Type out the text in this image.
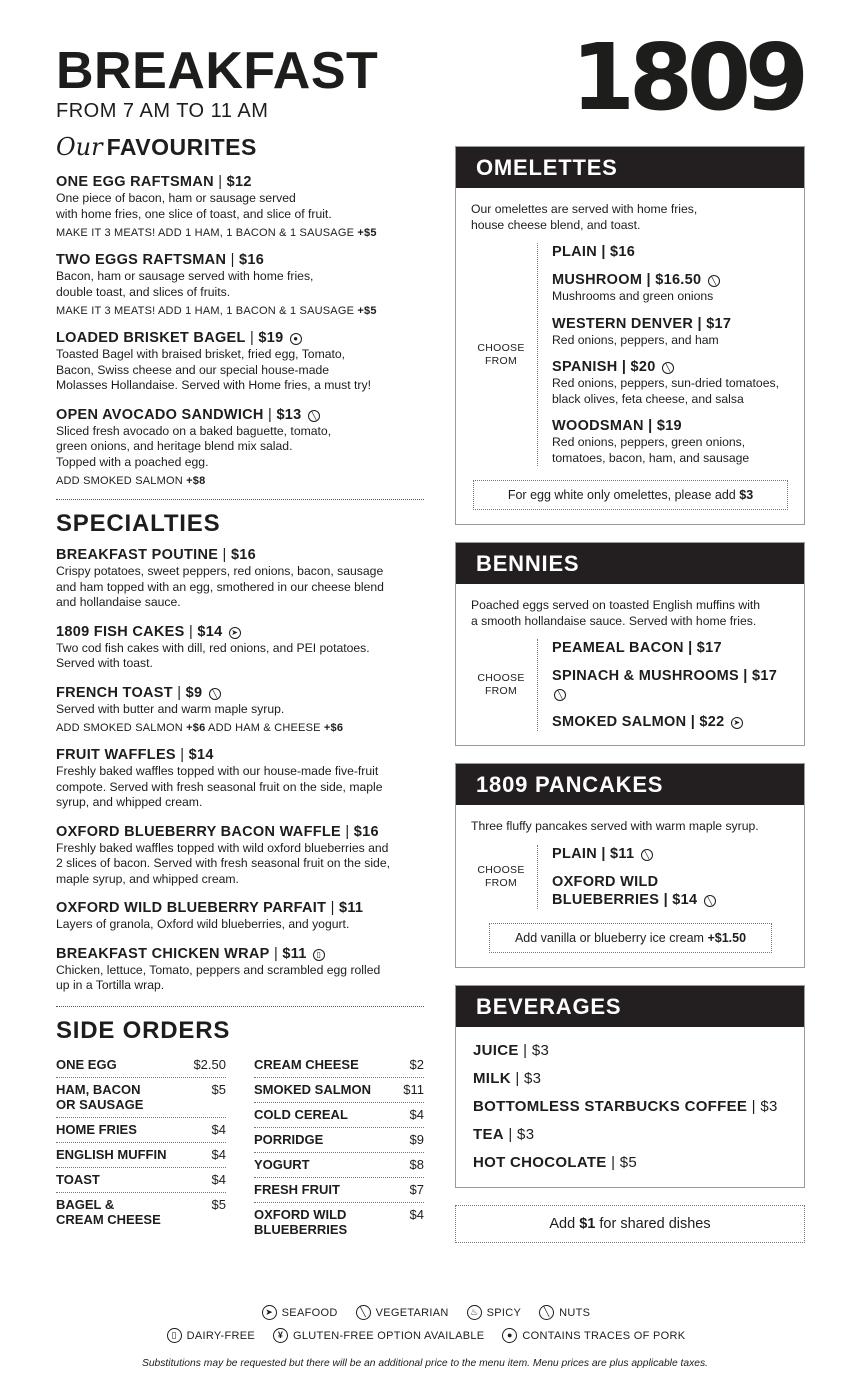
BREAKFAST
FROM 7 AM TO 11 AM
Our FAVOURITES
ONE EGG RAFTSMAN | $12
One piece of bacon, ham or sausage served
with home fries, one slice of toast, and slice of fruit.
MAKE IT 3 MEATS! ADD 1 HAM, 1 BACON & 1 SAUSAGE +$5
TWO EGGS RAFTSMAN | $16
Bacon, ham or sausage served with home fries,
double toast, and slices of fruits.
MAKE IT 3 MEATS! ADD 1 HAM, 1 BACON & 1 SAUSAGE +$5
LOADED BRISKET BAGEL | $19 ●
Toasted Bagel with braised brisket, fried egg, Tomato,
Bacon, Swiss cheese and our special house-made
Molasses Hollandaise. Served with Home fries, a must try!
OPEN AVOCADO SANDWICH | $13 ╲
Sliced fresh avocado on a baked baguette, tomato,
green onions, and heritage blend mix salad.
Topped with a poached egg.
ADD SMOKED SALMON +$8
SPECIALTIES
BREAKFAST POUTINE | $16
Crispy potatoes, sweet peppers, red onions, bacon, sausage
and ham topped with an egg, smothered in our cheese blend
and hollandaise sauce.
1809 FISH CAKES | $14 ➤
Two cod fish cakes with dill, red onions, and PEI potatoes.
Served with toast.
FRENCH TOAST | $9 ╲
Served with butter and warm maple syrup.
ADD SMOKED SALMON +$6 ADD HAM & CHEESE +$6
FRUIT WAFFLES | $14
Freshly baked waffles topped with our house-made five-fruit
compote. Served with fresh seasonal fruit on the side, maple
syrup, and whipped cream.
OXFORD BLUEBERRY BACON WAFFLE | $16
Freshly baked waffles topped with wild oxford blueberries and
2 slices of bacon. Served with fresh seasonal fruit on the side,
maple syrup, and whipped cream.
OXFORD WILD BLUEBERRY PARFAIT | $11
Layers of granola, Oxford wild blueberries, and yogurt.
BREAKFAST CHICKEN WRAP | $11 ▯
Chicken, lettuce, Tomato, peppers and scrambled egg rolled
up in a Tortilla wrap.
SIDE ORDERS
ONE EGG	$2.50
HAM, BACON
OR SAUSAGE
$5
HOME FRIES	$4
ENGLISH MUFFIN	$4
TOAST	$4
BAGEL &
CREAM CHEESE
$5
CREAM CHEESE	$2
SMOKED SALMON $11
COLD CEREAL	$4
PORRIDGE	$9
YOGURT	$8
FRESH FRUIT	$7
OXFORD WILD
BLUEBERRIES
$4
1809
OMELETTES
Our omelettes are served with home fries,
house cheese blend, and toast.
CHOOSE
FROM
PLAIN | $16
MUSHROOM | $16.50 ╲
Mushrooms and green onions
WESTERN DENVER | $17
Red onions, peppers, and ham
SPANISH | $20 ╲
Red onions, peppers, sun-dried tomatoes,
black olives, feta cheese, and salsa
WOODSMAN | $19
Red onions, peppers, green onions,
tomatoes, bacon, ham, and sausage
For egg white only omelettes, please add $3
BENNIES
Poached eggs served on toasted English muffins with
a smooth hollandaise sauce. Served with home fries.
CHOOSE
FROM
PEAMEAL BACON | $17
SPINACH & MUSHROOMS | $17 ╲
SMOKED SALMON | $22 ➤
1809 PANCAKES
Three fluffy pancakes served with warm maple syrup.
CHOOSE
FROM
PLAIN | $11 ╲
OXFORD WILD
BLUEBERRIES | $14 ╲
Add vanilla or blueberry ice cream +$1.50
BEVERAGES
JUICE | $3
MILK | $3
BOTTOMLESS STARBUCKS COFFEE | $3
TEA | $3
HOT CHOCOLATE | $5
Add $1 for shared dishes
➤ SEAFOOD	╲ VEGETARIAN	♨ SPICY	╲ NUTS
▯ DAIRY-FREE	¥ GLUTEN-FREE OPTION AVAILABLE	● CONTAINS TRACES OF PORK
Substitutions may be requested but there will be an additional price to the menu item. Menu prices are plus applicable taxes.
